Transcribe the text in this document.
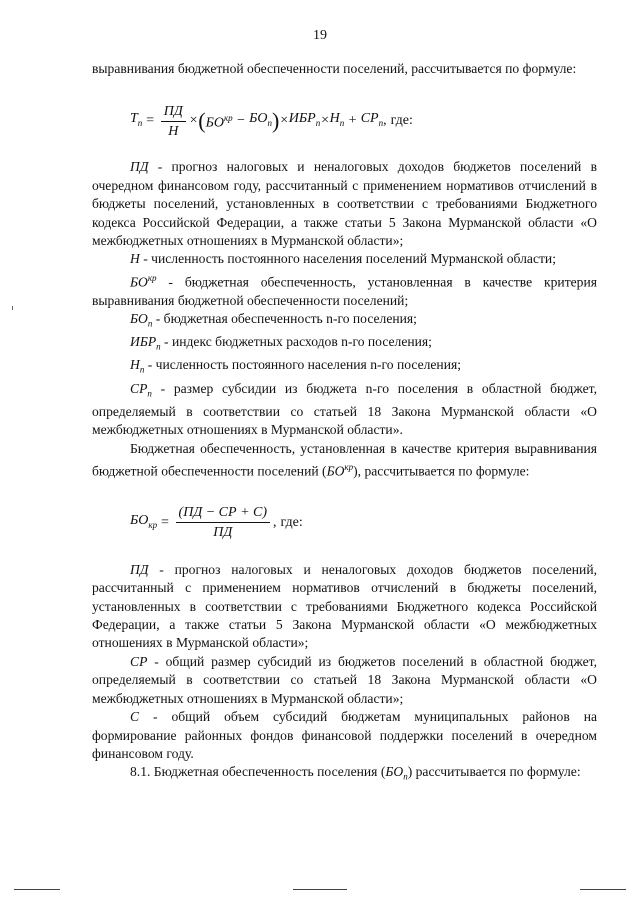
19

выравнивания бюджетной обеспеченности поселений, рассчитывается по формуле:

$T_п = \frac{ПД}{H}$ × ( $БО^{кр} - БО_n$ ) × $ИБР_n \times H_n + СР_n$ , где:

ПД - прогноз налоговых и неналоговых доходов бюджетов поселений в очередном финансовом году, рассчитанный с применением нормативов отчислений в бюджеты поселений, установленных в соответствии с требованиями Бюджетного кодекса Российской Федерации, а также статьи 5 Закона Мурманской области «О межбюджетных отношениях в Мурманской области»;

H - численность постоянного населения поселений Мурманской области;

$БО^{кр}$ - бюджетная обеспеченность, установленная в качестве критерия выравнивания бюджетной обеспеченности поселений;

$БО_n$ - бюджетная обеспеченность n-го поселения;

$ИБР_n$ - индекс бюджетных расходов n-го поселения;

$H_n$ - численность постоянного населения n-го поселения;

$СР_n$ - размер субсидии из бюджета n-го поселения в областной бюджет, определяемый в соответствии со статьей 18 Закона Мурманской области «О межбюджетных отношениях в Мурманской области».

Бюджетная обеспеченность, установленная в качестве критерия выравнивания бюджетной обеспеченности поселений $(БО^{кр})$, рассчитывается по формуле:

$БО_{кр} = \frac{(ПД - СР + С)}{ПД}$ , где:

ПД - прогноз налоговых и неналоговых доходов бюджетов поселений, рассчитанный с применением нормативов отчислений в бюджеты поселений, установленных в соответствии с требованиями Бюджетного кодекса Российской Федерации, а также статьи 5 Закона Мурманской области «О межбюджетных отношениях в Мурманской области»;

СР - общий размер субсидий из бюджетов поселений в областной бюджет, определяемый в соответствии со статьей 18 Закона Мурманской области «О межбюджетных отношениях в Мурманской области»;

С - общий объем субсидий бюджетам муниципальных районов на формирование районных фондов финансовой поддержки поселений в очередном финансовом году.

8.1. Бюджетная обеспеченность поселения $(БО_n)$ рассчитывается по формуле:
